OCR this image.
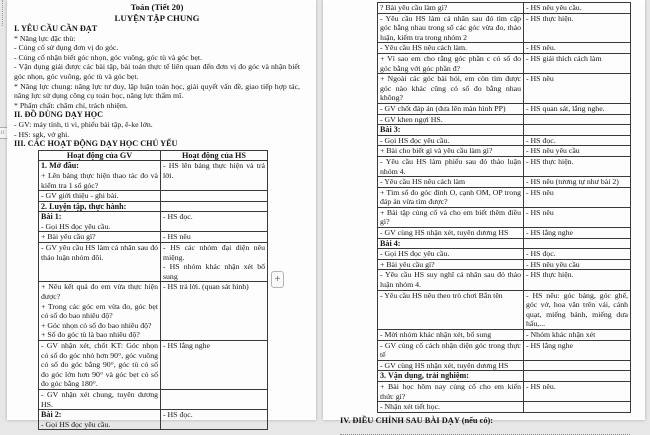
ii
Toán (Tiết 20)
LUYỆN TẬP CHUNG
I. YÊU CẦU CẦN ĐẠT
* Năng lực đặc thù:
- Củng cố sử dụng đơn vị đo góc.
- Củng cố nhận biết góc nhọn, góc vuông, góc tù và góc bẹt.
- Vận dụng giải được các bài tập, bài toán thực tế liên quan đến đơn vị đo góc và nhận biết góc nhọn, góc vuông, góc tù và góc bẹt.
* Năng lực chung: năng lực tư duy, lập luận toán học, giải quyết vấn đề, giao tiếp hợp tác, năng lực sử dụng công cụ toán học, năng lực thẩm mĩ.
* Phẩm chất: chăm chỉ, trách nhiệm.
II. ĐỒ DÙNG DẠY HỌC
- GV: máy tính, ti vi, phiếu bài tập, ê-ke lớn.
- HS: sgk, vở ghi.
III. CÁC HOẠT ĐỘNG DẠY HỌC CHỦ YẾU
Hoạt động của GV	Hoạt động của HS

1. Mở đầu:
+ Lên bảng thực hiện thao tác đo và kiểm tra 1 số góc?	- HS lên bảng thực hiện và trả lời.

- GV giới thiệu - ghi bài.	

2. Luyện tập, thực hành:	

Bài 1:
- Gọi HS đọc yêu cầu.	- HS đọc.

+ Bài yêu cầu gì?	- HS nêu

- GV yêu cầu HS làm cá nhân sau đó thảo luận nhóm đôi.	- HS các nhóm đại diện nêu miệng.
- HS nhóm khác nhận xét bổ sung

+ Nêu kết quả đo em vừa thực hiện được?
+ Trong các góc em vừa đo, góc bẹt có số đo bao nhiêu độ?
+ Góc nhọn có số đo bao nhiêu độ?
+ Số đo góc tù là bao nhiêu độ?	- HS trả lời. (quan sát hình)

- GV nhận xét, chốt KT: Góc nhọn có số đo góc nhỏ hơn 90°, góc vuông có số đo góc bằng 90°, góc tù có số đo góc lớn hơn 90° và góc bẹt có số đo góc bằng 180°.	- HS lắng nghe

- GV nhận xét chung, tuyên dương HS.	

Bài 2:
- Gọi HS đọc yêu cầu.	- HS đọc.
? Bài yêu cầu làm gì?	- HS nêu yêu cầu.

- Yêu cầu HS làm cá nhân sau đó tìm cặp góc bằng nhau trong số các góc vừa đo, thảo luận, kiểm tra trong nhóm 2	- HS thực hiện.

- Yêu cầu HS nêu cách làm.	- HS nêu.

+ Vì sao em cho rằng góc phần c có số đo góc bằng với góc phần đ?	- HS giải thích cách làm

+ Ngoài các góc bài hỏi, em còn tìm được góc nào khác cũng có số đo bằng nhau không?	- HS nêu

- GV chốt đáp án (đưa lên màn hình PP)	- HS quan sát, lắng nghe.

- GV khen ngợi HS.	

Bài 3:	

- Gọi HS đọc yêu cầu.	- HS đọc.

+ Bài cho biết gì và yêu cầu làm gì?	- HS nêu yêu cầu

- Yêu cầu HS làm phiếu sau đó thảo luận nhóm 4.	- HS thực hiện.

- Yêu cầu HS nêu cách làm	- HS nêu (tương tự như bài 2)

+ Tìm số đo góc đỉnh O, cạnh OM, OP trong đáp án vừa tìm được?	- HS nêu

+ Bài tập củng cố và cho em biết thêm điều gì?	- HS nêu

- GV cùng HS nhận xét, tuyên dương HS	- HS lắng nghe

Bài 4:	

- Gọi HS đọc yêu cầu.	- HS đọc.

+ Bài yêu cầu gì?	- HS nêu yêu cầu

- Yêu cầu HS suy nghĩ cá nhân sau đó thảo luận nhóm 4.	- HS thực hiện.

- Yêu cầu HS nêu theo trò chơi Bắn tên	- HS nêu: góc bảng, góc ghế, góc vở, hoa văn trên vải, cánh quạt, miếng bánh, miếng dưa hấu,...

- Mời nhóm khác nhận xét, bổ sung	- Nhóm khác nhận xét

- GV củng cố cách nhận diện góc trong thực tế	- HS lắng nghe

- GV cùng HS nhận xét, tuyên dương HS	

3. Vận dụng, trải nghiệm:	

+ Bài học hôm nay củng cố cho em kiến thức gì?	- HS nêu.

- Nhận xét tiết học.	

IV. ĐIỀU CHỈNH SAU BÀI DẠY (nếu có):
+
